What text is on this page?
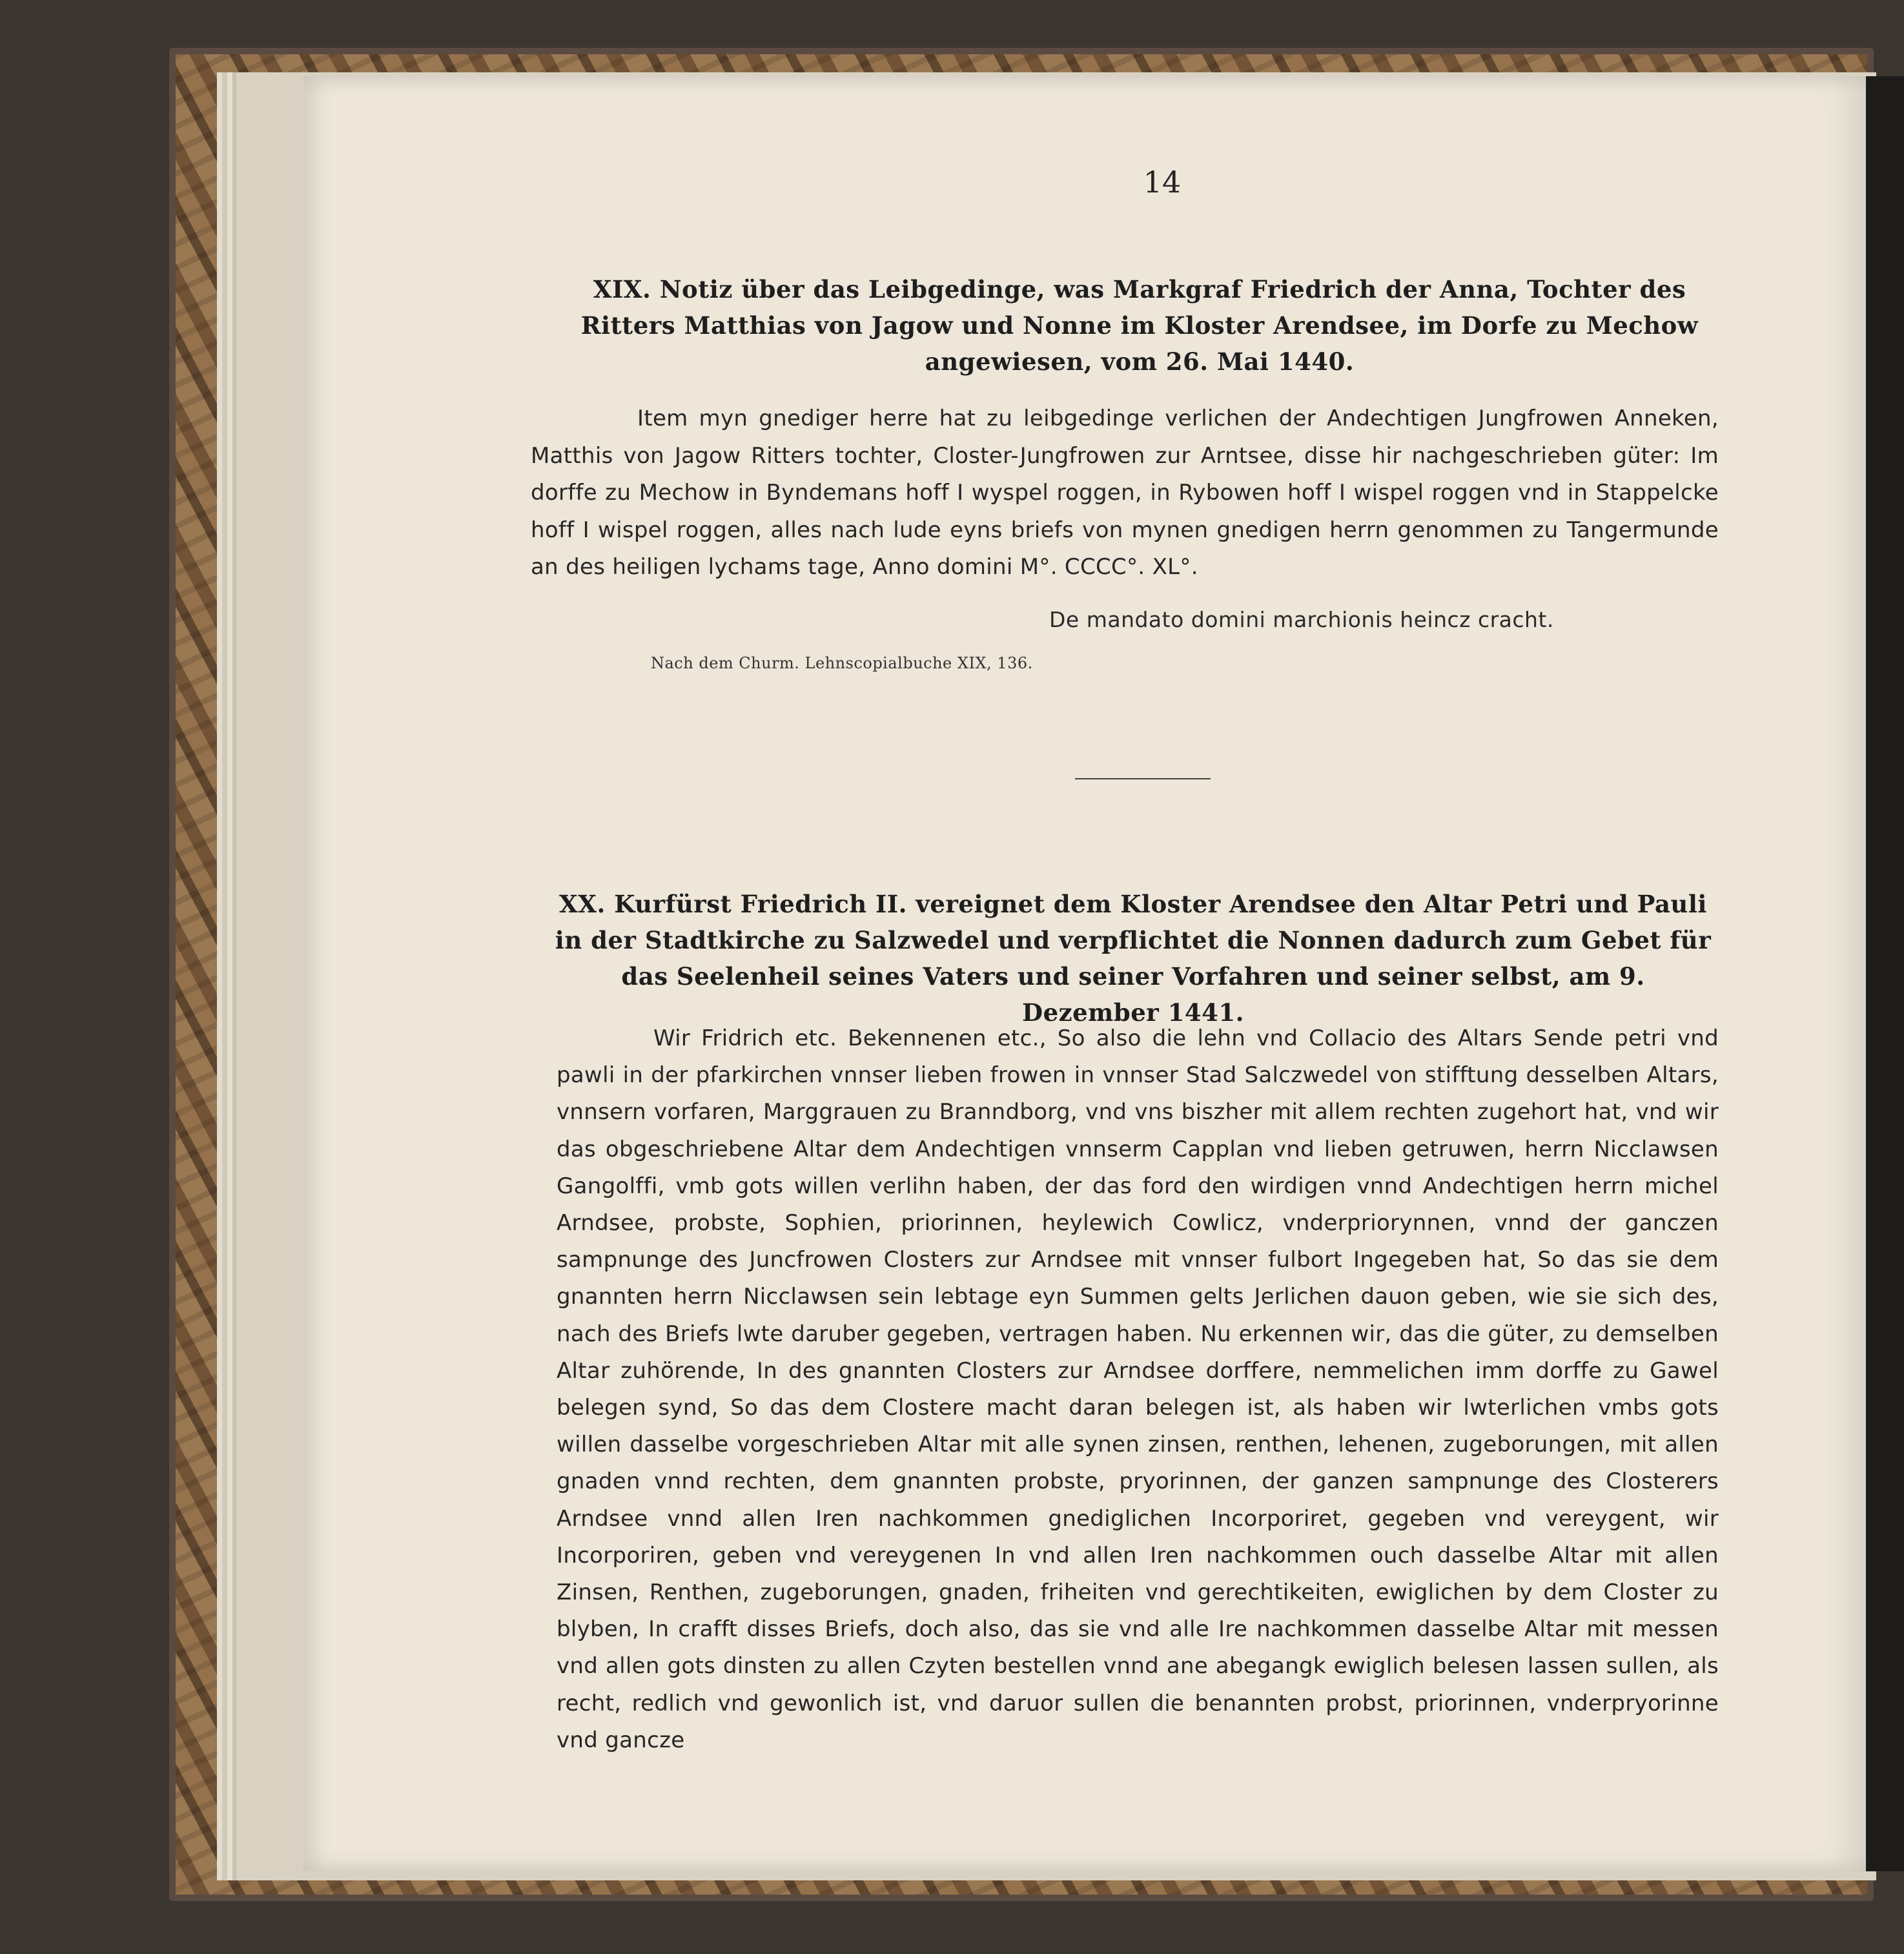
14
XIX. Notiz über das Leibgedinge, was Markgraf Friedrich der Anna, Tochter des Ritters Matthias von Jagow und Nonne im Kloster Arendsee, im Dorfe zu Mechow angewiesen, vom 26. Mai 1440.
Item myn gnediger herre hat zu leibgedinge verlichen der Andechtigen Jungfrowen Anneken, Matthis von Jagow Ritters tochter, Closter-Jungfrowen zur Arntsee, disse hir nachgeschrieben güter: Im dorffe zu Mechow in Byndemans hoff I wyspel roggen, in Rybowen hoff I wispel roggen vnd in Stappelcke hoff I wispel roggen, alles nach lude eyns briefs von mynen gnedigen herrn genommen zu Tangermunde an des heiligen lychams tage, Anno domini M°. CCCC°. XL°.
De mandato domini marchionis heincz cracht.
Nach dem Churm. Lehnscopialbuche XIX, 136.
XX. Kurfürst Friedrich II. vereignet dem Kloster Arendsee den Altar Petri und Pauli in der Stadtkirche zu Salzwedel und verpflichtet die Nonnen dadurch zum Gebet für das Seelenheil seines Vaters und seiner Vorfahren und seiner selbst, am 9. Dezember 1441.
Wir Fridrich etc. Bekennenen etc., So also die lehn vnd Collacio des Altars Sende petri vnd pawli in der pfarkirchen vnnser lieben frowen in vnnser Stad Salczwedel von stifftung desselben Altars, vnnsern vorfaren, Marggrauen zu Branndborg, vnd vns biszher mit allem rechten zugehort hat, vnd wir das obgeschriebene Altar dem Andechtigen vnnserm Capplan vnd lieben getruwen, herrn Nicclawsen Gangolffi, vmb gots willen verlihn haben, der das ford den wirdigen vnnd Andechtigen herrn michel Arndsee, probste, Sophien, priorinnen, heylewich Cowlicz, vnderpriorynnen, vnnd der ganczen sampnunge des Juncfrowen Closters zur Arndsee mit vnnser fulbort Ingegeben hat, So das sie dem gnannten herrn Nicclawsen sein lebtage eyn Summen gelts Jerlichen dauon geben, wie sie sich des, nach des Briefs lwte daruber gegeben, vertragen haben. Nu erkennen wir, das die güter, zu demselben Altar zuhörende, In des gnannten Closters zur Arndsee dorffere, nemmelichen imm dorffe zu Gawel belegen synd, So das dem Clostere macht daran belegen ist, als haben wir lwterlichen vmbs gots willen dasselbe vorgeschrieben Altar mit alle synen zinsen, renthen, lehenen, zugeborungen, mit allen gnaden vnnd rechten, dem gnannten probste, pryorinnen, der ganzen sampnunge des Closterers Arndsee vnnd allen Iren nachkommen gnediglichen Incorporiret, gegeben vnd vereygent, wir Incorporiren, geben vnd vereygenen In vnd allen Iren nachkommen ouch dasselbe Altar mit allen Zinsen, Renthen, zugeborungen, gnaden, friheiten vnd gerechtikeiten, ewiglichen by dem Closter zu blyben, In crafft disses Briefs, doch also, das sie vnd alle Ire nachkommen dasselbe Altar mit messen vnd allen gots dinsten zu allen Czyten bestellen vnnd ane abegangk ewiglich belesen lassen sullen, als recht, redlich vnd gewonlich ist, vnd daruor sullen die benannten probst, priorinnen, vnderpryorinne vnd gancze
